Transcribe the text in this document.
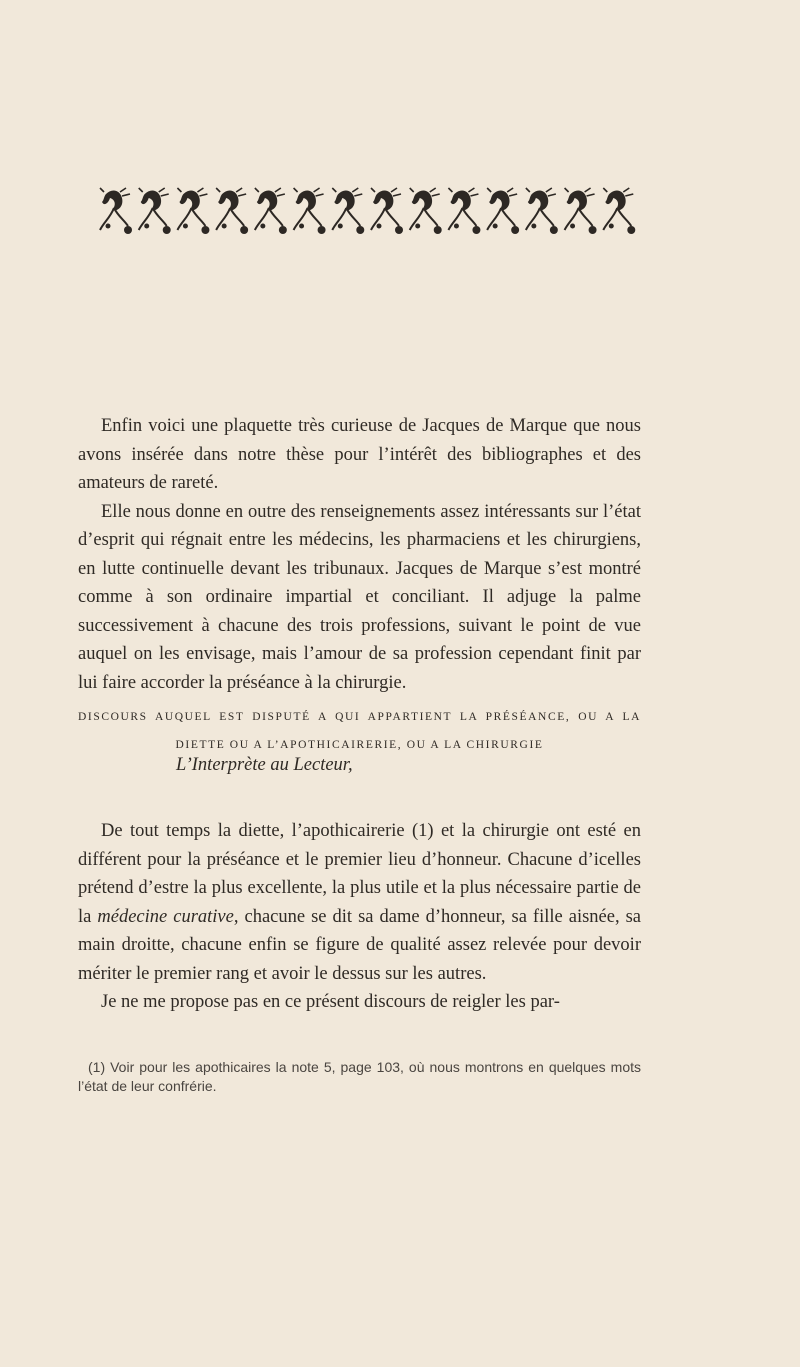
Enfin voici une plaquette très curieuse de Jacques de Marque que nous avons insérée dans notre thèse pour l’intérêt des bibliographes et des amateurs de rareté.

Elle nous donne en outre des renseignements assez intéressants sur l’état d’esprit qui régnait entre les médecins, les pharmaciens et les chirurgiens, en lutte continuelle devant les tribunaux. Jacques de Marque s’est montré comme à son ordinaire impartial et conciliant. Il adjuge la palme successivement à chacune des trois professions, suivant le point de vue auquel on les envisage, mais l’amour de sa profession cependant finit par lui faire accorder la préséance à la chirurgie.

DISCOURS AUQUEL EST DISPUTÉ A QUI APPARTIENT LA PRÉSÉANCE, OU A LA
DIETTE OU A L’APOTHICAIRERIE, OU A LA CHIRURGIE
L’Interprète au Lecteur,

De tout temps la diette, l’apothicairerie (1) et la chirurgie ont esté en différent pour la préséance et le premier lieu d’honneur. Chacune d’icelles prétend d’estre la plus excellente, la plus utile et la plus nécessaire partie de la médecine curative, chacune se dit sa dame d’honneur, sa fille aisnée, sa main droitte, chacune enfin se figure de qualité assez relevée pour devoir mériter le premier rang et avoir le dessus sur les autres.

Je ne me propose pas en ce présent discours de reigler les par-

(1) Voir pour les apothicaires la note 5, page 103, où nous montrons en quelques mots l’état de leur confrérie.
